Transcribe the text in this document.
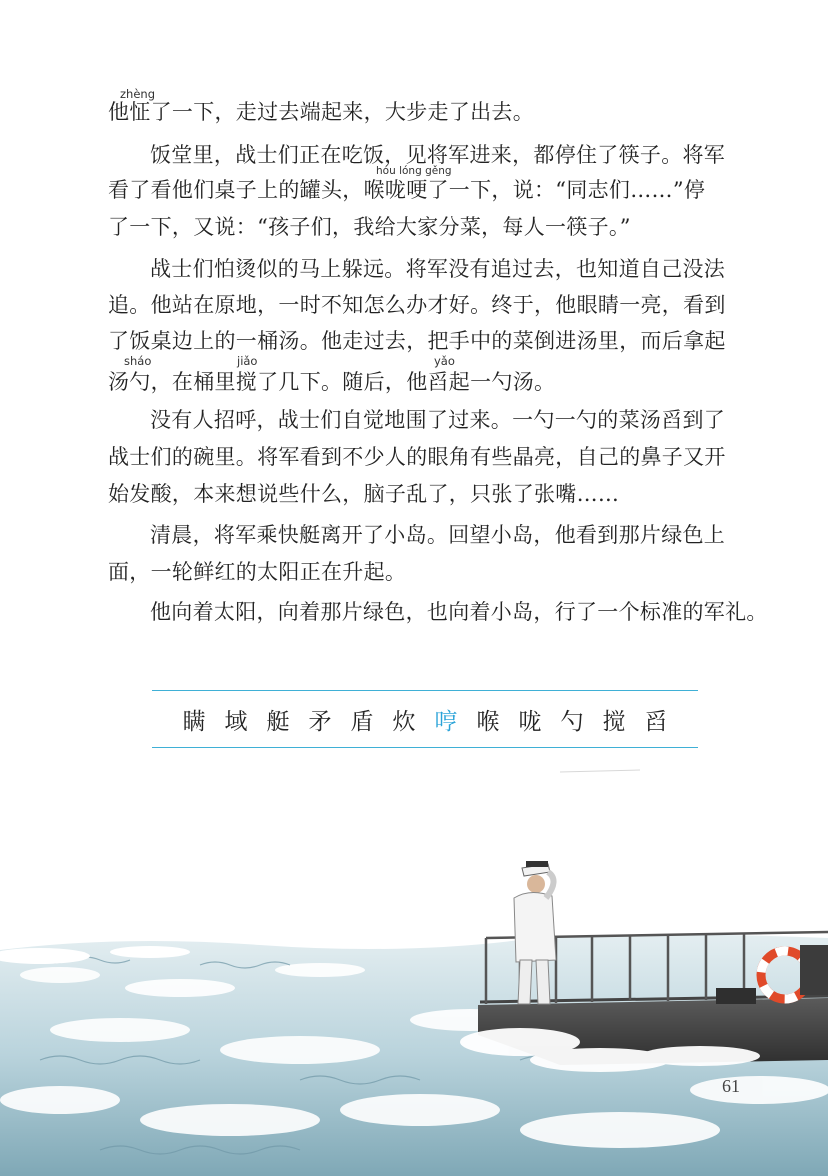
zhèng
他怔了一下，走过去端起来，大步走了出去。
饭堂里，战士们正在吃饭，见将军进来，都停住了筷子。将军
hóu lóng gěng
看了看他们桌子上的罐头，喉咙哽了一下，说：“同志们……”停
了一下，又说：“孩子们，我给大家分菜，每人一筷子。”
战士们怕烫似的马上躲远。将军没有追过去，也知道自己没法
追。他站在原地，一时不知怎么办才好。终于，他眼睛一亮，看到
了饭桌边上的一桶汤。他走过去，把手中的菜倒进汤里，而后拿起
sháo	jiǎo	yǎo
汤勺，在桶里搅了几下。随后，他舀起一勺汤。
没有人招呼，战士们自觉地围了过来。一勺一勺的菜汤舀到了
战士们的碗里。将军看到不少人的眼角有些晶亮，自己的鼻子又开
始发酸，本来想说些什么，脑子乱了，只张了张嘴……
清晨，将军乘快艇离开了小岛。回望小岛，他看到那片绿色上
面，一轮鲜红的太阳正在升起。
他向着太阳，向着那片绿色，也向着小岛，行了一个标准的军礼。
瞒 域 艇 矛 盾 炊 哼 喉 咙 勺 搅 舀
61
